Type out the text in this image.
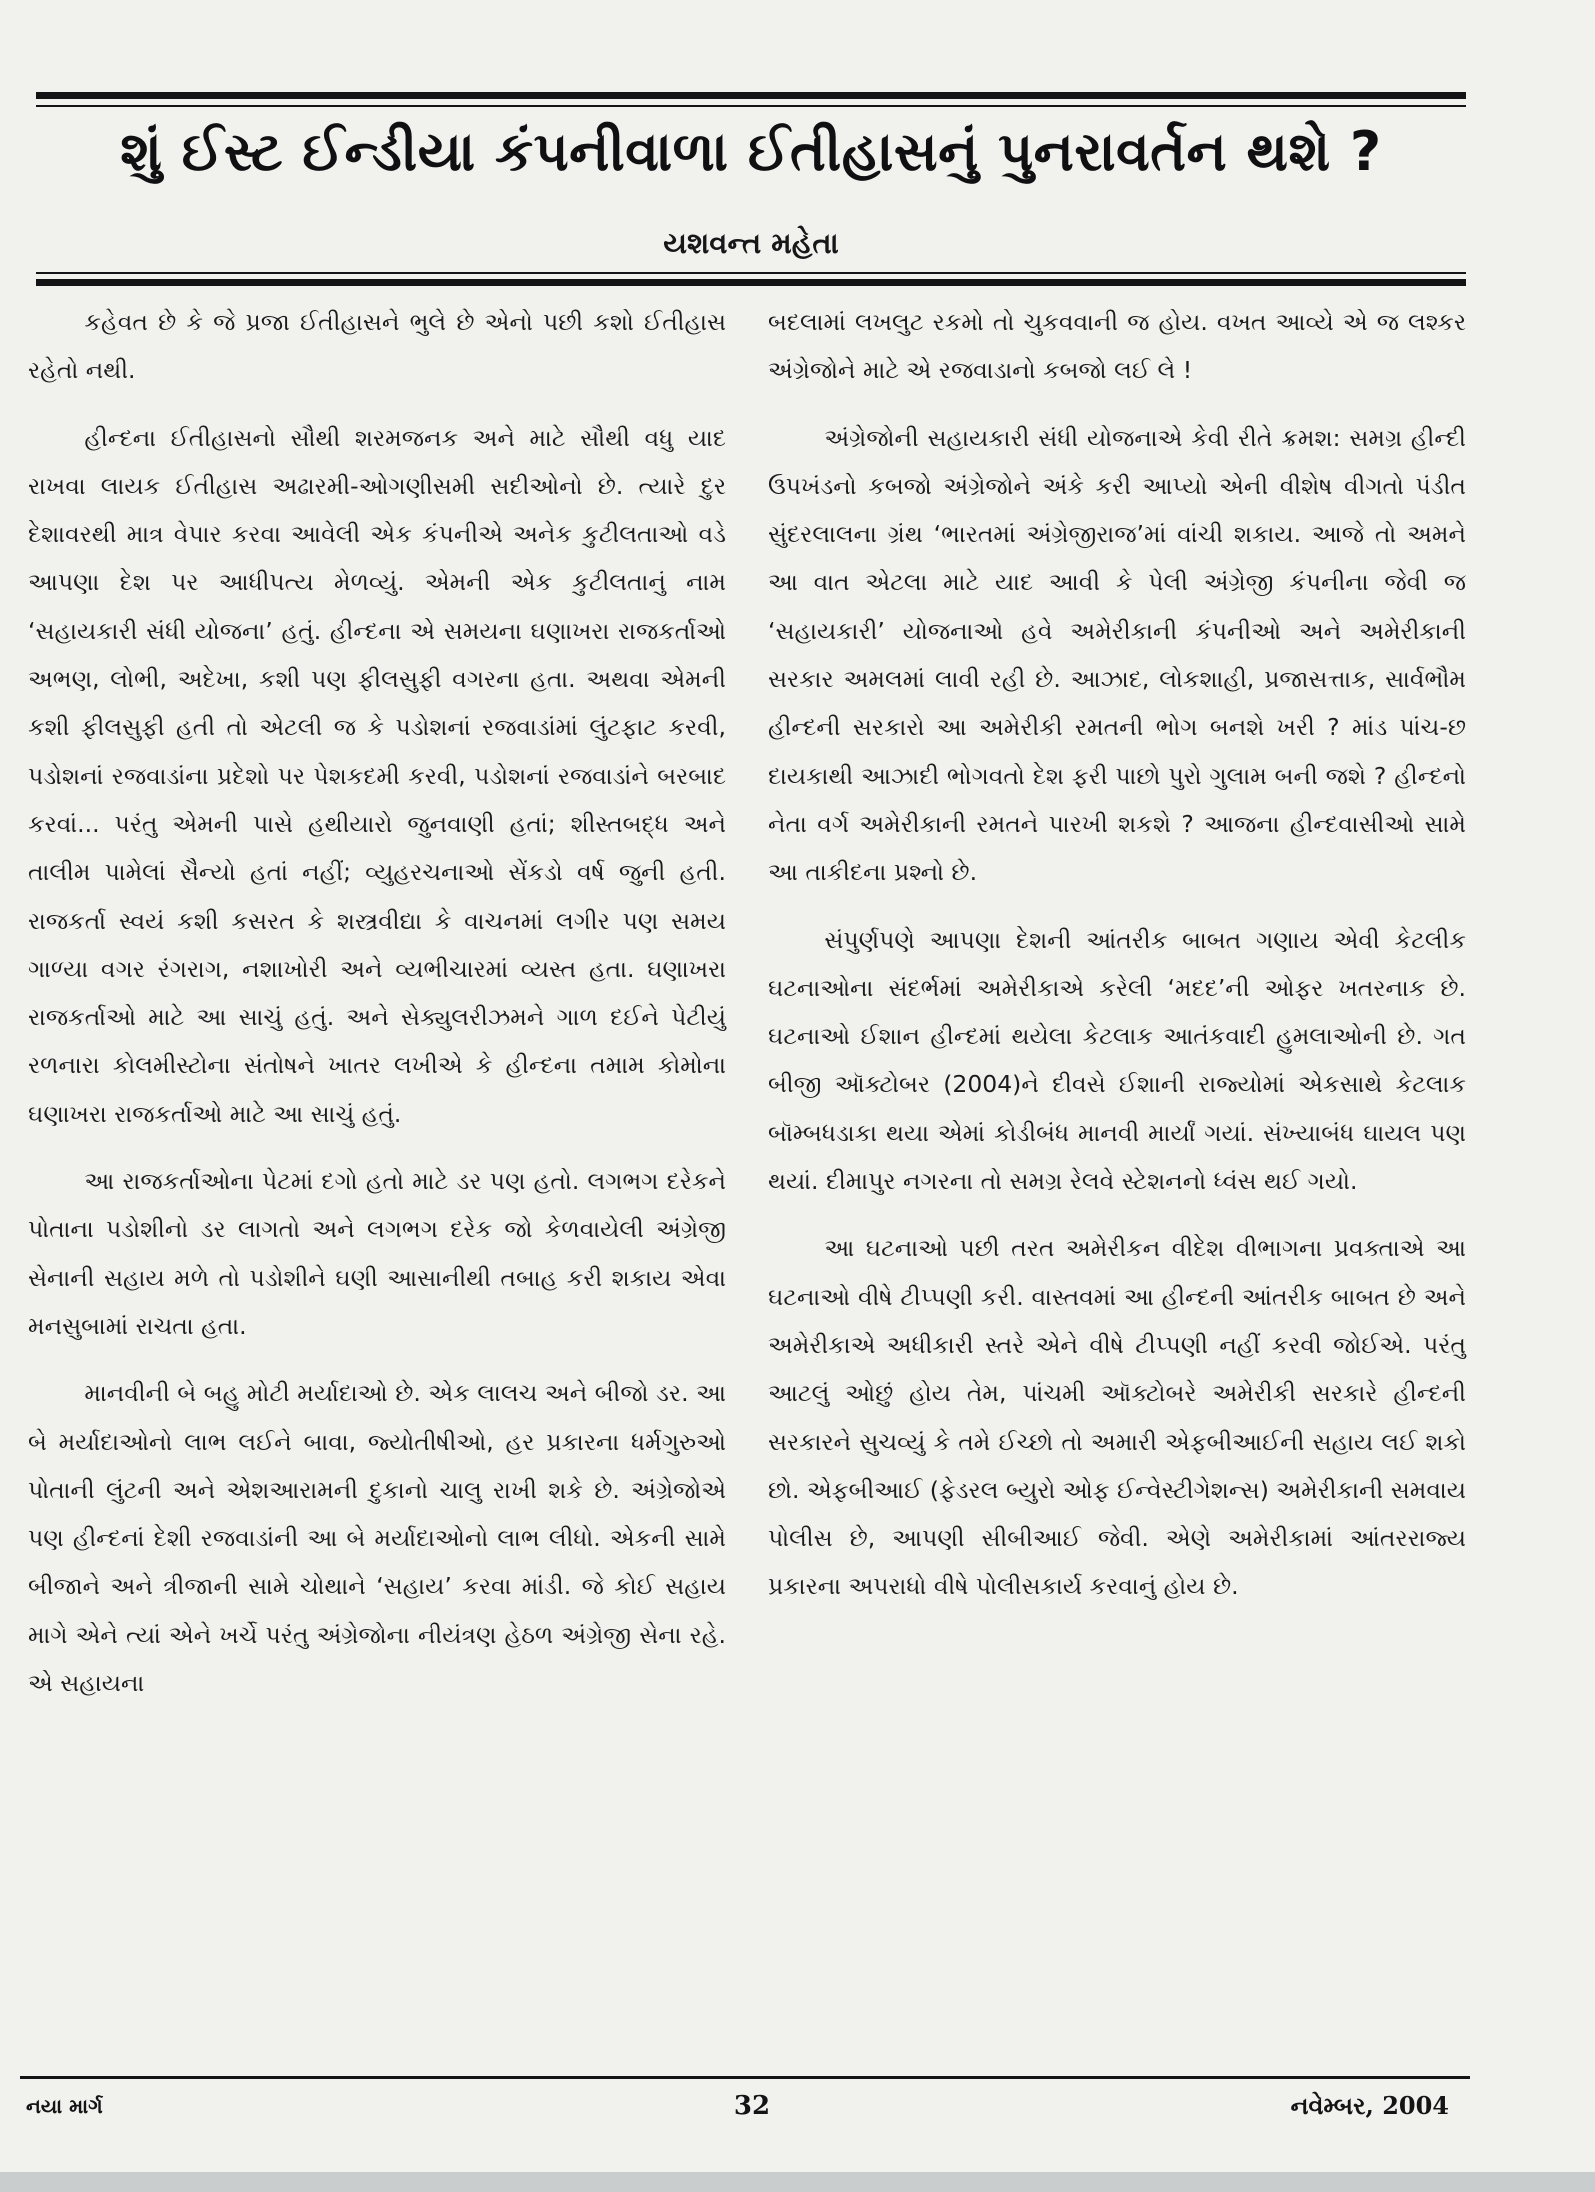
શું ઈસ્ટ ઈન્ડીયા કંપનીવાળા ઈતીહાસનું પુનરાવર્તન થશે ?
યશવન્ત મહેતા

કહેવત છે કે જે પ્રજા ઈતીહાસને ભુલે છે એનો પછી કશો ઈતીહાસ રહેતો નથી.

હીન્દના ઈતીહાસનો સૌથી શરમજનક અને માટે સૌથી વધુ યાદ રાખવા લાયક ઈતીહાસ અઢારમી-ઓગણીસમી સદીઓનો છે. ત્યારે દુર દેશાવરથી માત્ર વેપાર કરવા આવેલી એક કંપનીએ અનેક કુટીલતાઓ વડે આપણા દેશ પર આધીપત્ય મેળવ્યું. એમની એક કુટીલતાનું નામ ‘સહાયકારી સંધી યોજના’ હતું. હીન્દના એ સમયના ઘણાખરા રાજકર્તાઓ અભણ, લોભી, અદેખા, કશી પણ ફીલસુફી વગરના હતા. અથવા એમની કશી ફીલસુફી હતી તો એટલી જ કે પડોશનાં રજવાડાંમાં લુંટફાટ કરવી, પડોશનાં રજવાડાંના પ્રદેશો પર પેશકદમી કરવી, પડોશનાં રજવાડાંને બરબાદ કરવાં... પરંતુ એમની પાસે હથીયારો જુનવાણી હતાં; શીસ્તબદ્ધ અને તાલીમ પામેલાં સૈન્યો હતાં નહીં; વ્યુહરચનાઓ સેંકડો વર્ષ જુની હતી. રાજકર્તા સ્વયં કશી કસરત કે શસ્ત્રવીદ્યા કે વાચનમાં લગીર પણ સમય ગાળ્યા વગર રંગરાગ, નશાખોરી અને વ્યભીચારમાં વ્યસ્ત હતા. ઘણાખરા રાજકર્તાઓ માટે આ સાચું હતું. અને સેક્યુલરીઝમને ગાળ દઈને પેટીયું રળનારા કોલમીસ્ટોના સંતોષને ખાતર લખીએ કે હીન્દના તમામ કોમોના ઘણાખરા રાજકર્તાઓ માટે આ સાચું હતું.

આ રાજકર્તાઓના પેટમાં દગો હતો માટે ડર પણ હતો. લગભગ દરેકને પોતાના પડોશીનો ડર લાગતો અને લગભગ દરેક જો કેળવાયેલી અંગ્રેજી સેનાની સહાય મળે તો પડોશીને ઘણી આસાનીથી તબાહ કરી શકાય એવા મનસુબામાં રાચતા હતા.

માનવીની બે બહુ મોટી મર્યાદાઓ છે. એક લાલચ અને બીજો ડર. આ બે મર્યાદાઓનો લાભ લઈને બાવા, જ્યોતીષીઓ, હર પ્રકારના ધર્મગુરુઓ પોતાની લુંટની અને એશઆરામની દુકાનો ચાલુ રાખી શકે છે. અંગ્રેજોએ પણ હીન્દનાં દેશી રજવાડાંની આ બે મર્યાદાઓનો લાભ લીધો. એકની સામે બીજાને અને ત્રીજાની સામે ચોથાને ‘સહાય’ કરવા માંડી. જે કોઈ સહાય માગે એને ત્યાં એને ખર્ચે પરંતુ અંગ્રેજોના નીયંત્રણ હેઠળ અંગ્રેજી સેના રહે. એ સહાયના

બદલામાં લખલુટ રકમો તો ચુકવવાની જ હોય. વખત આવ્યે એ જ લશ્કર અંગ્રેજોને માટે એ રજવાડાનો કબજો લઈ લે !

અંગ્રેજોની સહાયકારી સંધી યોજનાએ કેવી રીતે ક્રમશ: સમગ્ર હીન્દી ઉપખંડનો કબજો અંગ્રેજોને અંકે કરી આપ્યો એની વીશેષ વીગતો પંડીત સુંદરલાલના ગ્રંથ ‘ભારતમાં અંગ્રેજીરાજ’માં વાંચી શકાય. આજે તો અમને આ વાત એટલા માટે યાદ આવી કે પેલી અંગ્રેજી કંપનીના જેવી જ ‘સહાયકારી’ યોજનાઓ હવે અમેરીકાની કંપનીઓ અને અમેરીકાની સરકાર અમલમાં લાવી રહી છે. આઝાદ, લોકશાહી, પ્રજાસત્તાક, સાર્વભૌમ હીન્દની સરકારો આ અમેરીકી રમતની ભોગ બનશે ખરી ? માંડ પાંચ-છ દાયકાથી આઝાદી ભોગવતો દેશ ફરી પાછો પુરો ગુલામ બની જશે ? હીન્દનો નેતા વર્ગ અમેરીકાની રમતને પારખી શકશે ? આજના હીન્દવાસીઓ સામે આ તાકીદના પ્રશ્નો છે.

સંપુર્ણપણે આપણા દેશની આંતરીક બાબત ગણાય એવી કેટલીક ઘટનાઓના સંદર્ભમાં અમેરીકાએ કરેલી ‘મદદ’ની ઓફર ખતરનાક છે. ઘટનાઓ ઈશાન હીન્દમાં થયેલા કેટલાક આતંકવાદી હુમલાઓની છે. ગત બીજી ઑક્ટોબર (2004)ને દીવસે ઈશાની રાજ્યોમાં એકસાથે કેટલાક બૉમ્બધડાકા થયા એમાં કોડીબંધ માનવી માર્યાં ગયાં. સંખ્યાબંધ ઘાયલ પણ થયાં. દીમાપુર નગરના તો સમગ્ર રેલવે સ્ટેશનનો ધ્વંસ થઈ ગયો.

આ ઘટનાઓ પછી તરત અમેરીકન વીદેશ વીભાગના પ્રવક્તાએ આ ઘટનાઓ વીષે ટીપ્પણી કરી. વાસ્તવમાં આ હીન્દની આંતરીક બાબત છે અને અમેરીકાએ અધીકારી સ્તરે એને વીષે ટીપ્પણી નહીં કરવી જોઈએ. પરંતુ આટલું ઓછું હોય તેમ, પાંચમી ઑક્ટોબરે અમેરીકી સરકારે હીન્દની સરકારને સુચવ્યું કે તમે ઈચ્છો તો અમારી એફબીઆઈની સહાય લઈ શકો છો. એફબીઆઈ (ફેડરલ બ્યુરો ઓફ ઈન્વેસ્ટીગેશન્સ) અમેરીકાની સમવાય પોલીસ છે, આપણી સીબીઆઈ જેવી. એણે અમેરીકામાં આંતરરાજ્ય પ્રકારના અપરાધો વીષે પોલીસકાર્ય કરવાનું હોય છે.

નયા માર્ગ	32	નવેમ્બર, 2004
